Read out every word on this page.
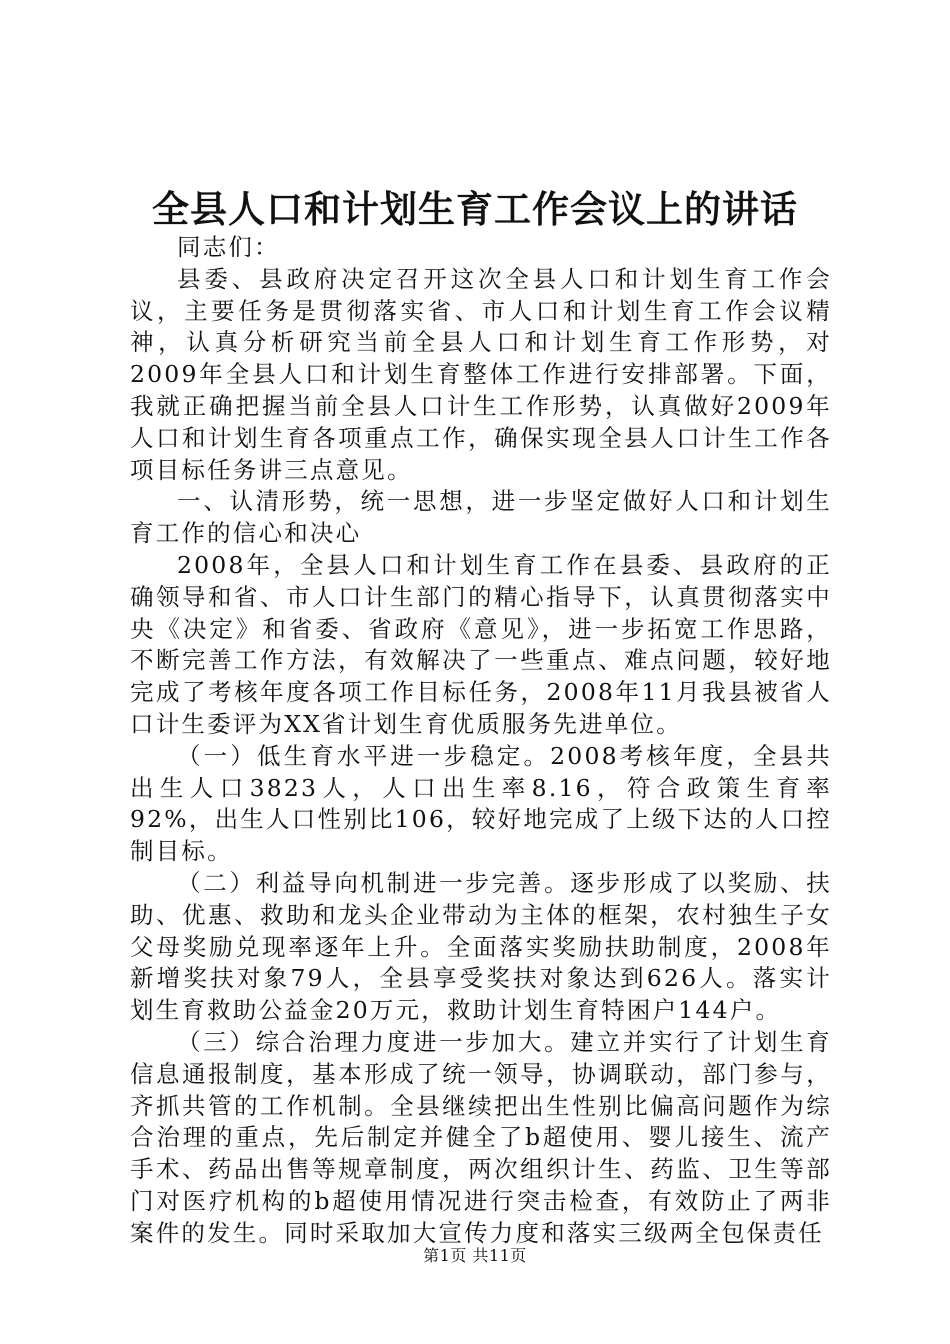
全县人口和计划生育工作会议上的讲话

同志们：

县委、县政府决定召开这次全县人口和计划生育工作会议，主要任务是贯彻落实省、市人口和计划生育工作会议精神，认真分析研究当前全县人口和计划生育工作形势，对2009年全县人口和计划生育整体工作进行安排部署。下面，我就正确把握当前全县人口计生工作形势，认真做好2009年人口和计划生育各项重点工作，确保实现全县人口计生工作各项目标任务讲三点意见。

一、认清形势，统一思想，进一步坚定做好人口和计划生育工作的信心和决心

2008年，全县人口和计划生育工作在县委、县政府的正确领导和省、市人口计生部门的精心指导下，认真贯彻落实中央《决定》和省委、省政府《意见》，进一步拓宽工作思路，不断完善工作方法，有效解决了一些重点、难点问题，较好地完成了考核年度各项工作目标任务，2008年11月我县被省人口计生委评为XX省计划生育优质服务先进单位。

（一）低生育水平进一步稳定。2008考核年度，全县共出生人口3823人，人口出生率8.16，符合政策生育率92%，出生人口性别比106，较好地完成了上级下达的人口控制目标。

（二）利益导向机制进一步完善。逐步形成了以奖励、扶助、优惠、救助和龙头企业带动为主体的框架，农村独生子女父母奖励兑现率逐年上升。全面落实奖励扶助制度，2008年新增奖扶对象79人，全县享受奖扶对象达到626人。落实计划生育救助公益金20万元，救助计划生育特困户144户。

（三）综合治理力度进一步加大。建立并实行了计划生育信息通报制度，基本形成了统一领导，协调联动，部门参与，齐抓共管的工作机制。全县继续把出生性别比偏高问题作为综合治理的重点，先后制定并健全了b超使用、婴儿接生、流产手术、药品出售等规章制度，两次组织计生、药监、卫生等部门对医疗机构的b超使用情况进行突击检查，有效防止了两非案件的发生。同时采取加大宣传力度和落实三级两全包保责任

第1页 共11页
